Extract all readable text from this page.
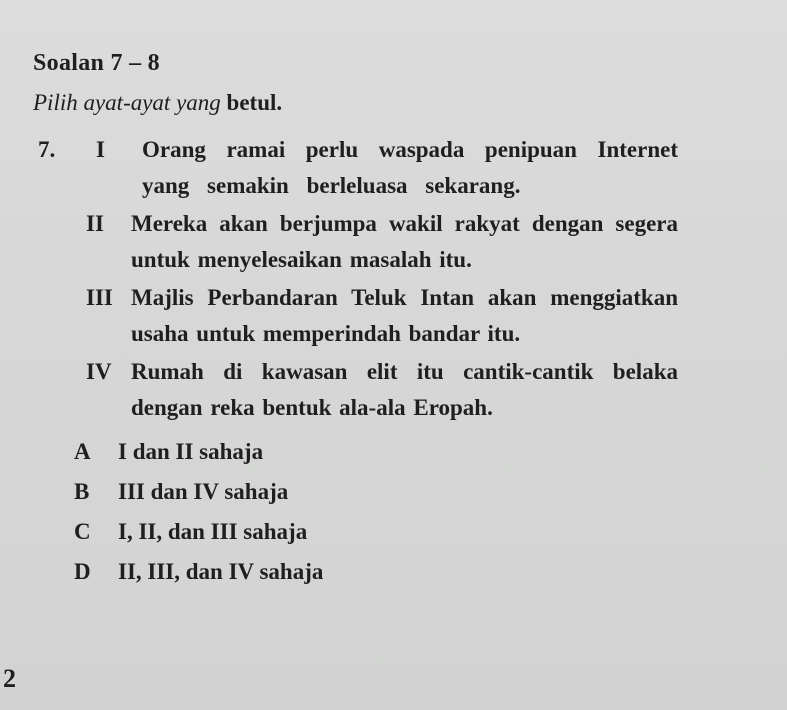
Soalan 7 – 8
Pilih ayat-ayat yang betul.
7. I	Orang ramai perlu waspada penipuan Internet yang semakin berleluasa sekarang.
II	Mereka akan berjumpa wakil rakyat dengan segera untuk menyelesaikan masalah itu.
III Majlis Perbandaran Teluk Intan akan menggiatkan usaha untuk memperindah bandar itu.
IV Rumah di kawasan elit itu cantik-cantik belaka dengan reka bentuk ala-ala Eropah.
A	I dan II sahaja
B	III dan IV sahaja
C	I, II, dan III sahaja
D	II, III, dan IV sahaja
2
